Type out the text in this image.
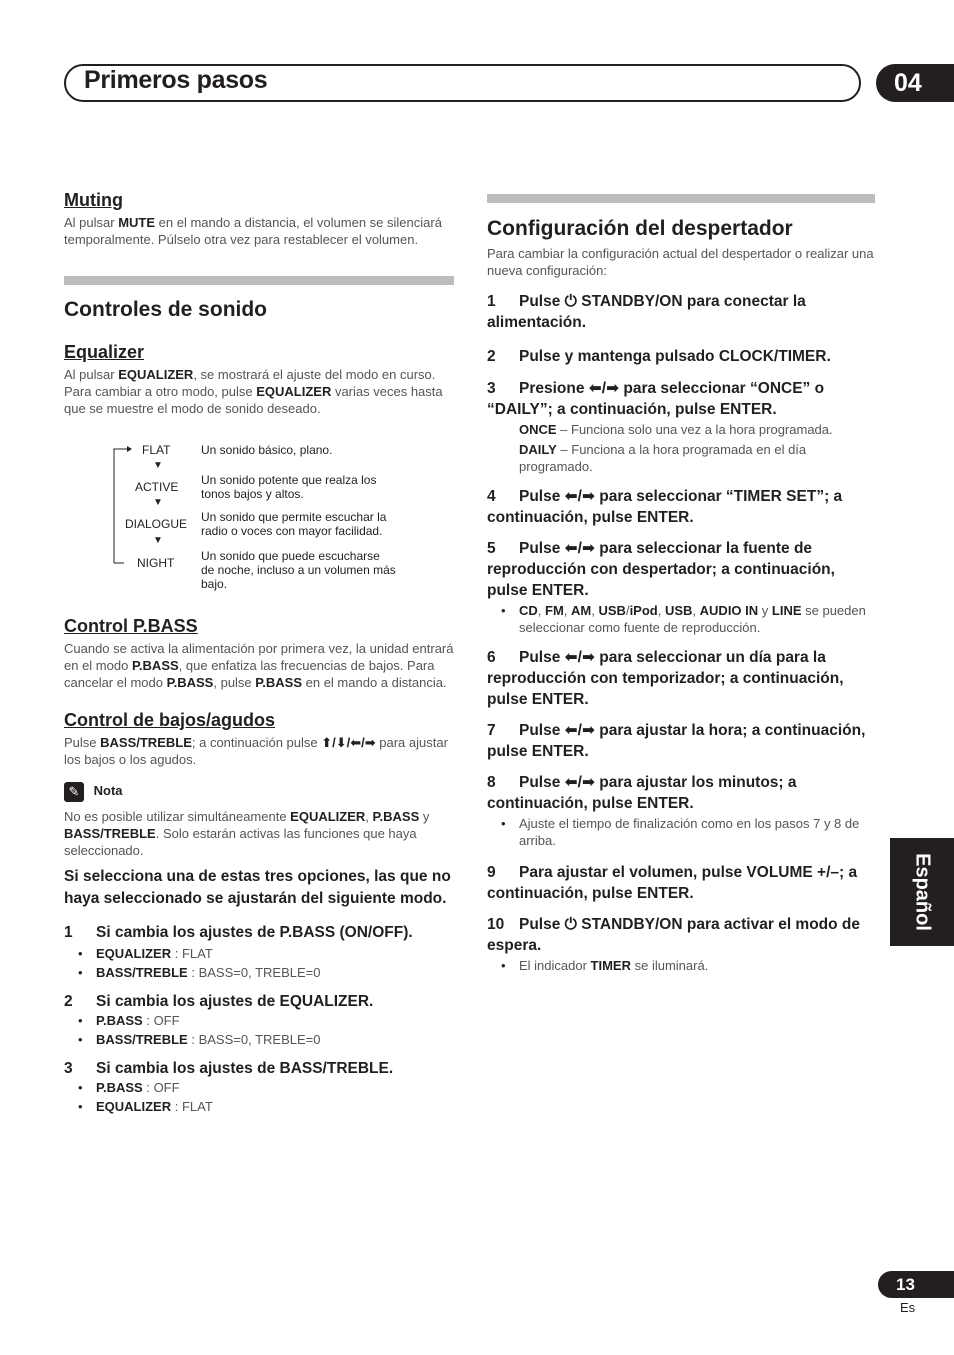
Primeros pasos	04
Español
13
Es

Muting

Al pulsar MUTE en el mando a distancia, el volumen se silenciará temporalmente. Púlselo otra vez para restablecer el volumen.

Controles de sonido

Equalizer

Al pulsar EQUALIZER, se mostrará el ajuste del modo en curso. Para cambiar a otro modo, pulse EQUALIZER varias veces hasta que se muestre el modo de sonido deseado.

FLAT
▼
ACTIVE
▼
DIALOGUE
▼
NIGHT
Un sonido básico, plano.
Un sonido potente que realza los tonos bajos y altos.
Un sonido que permite escuchar la radio o voces con mayor facilidad.
Un sonido que puede escucharse de noche, incluso a un volumen más bajo.

Control P.BASS

Cuando se activa la alimentación por primera vez, la unidad entrará en el modo P.BASS, que enfatiza las frecuencias de bajos. Para cancelar el modo P.BASS, pulse P.BASS en el mando a distancia.

Control de bajos/agudos

Pulse BASS/TREBLE; a continuación pulse ⬆/⬇/⬅/➡ para ajustar los bajos o los agudos.

✎ Nota

No es posible utilizar simultáneamente EQUALIZER, P.BASS y BASS/TREBLE. Solo estarán activas las funciones que haya seleccionado.

Si selecciona una de estas tres opciones, las que no haya seleccionado se ajustarán del siguiente modo.

1 Si cambia los ajustes de P.BASS (ON/OFF).

• EQUALIZER : FLAT

• BASS/TREBLE : BASS=0, TREBLE=0

2 Si cambia los ajustes de EQUALIZER.

• P.BASS : OFF

• BASS/TREBLE : BASS=0, TREBLE=0

3 Si cambia los ajustes de BASS/TREBLE.

• P.BASS : OFF

• EQUALIZER : FLAT

Configuración del despertador

Para cambiar la configuración actual del despertador o realizar una nueva configuración:

1 Pulse ⏻ STANDBY/ON para conectar la alimentación.

2 Pulse y mantenga pulsado CLOCK/TIMER.

3 Presione ⬅/➡ para seleccionar “ONCE” o “DAILY”; a continuación, pulse ENTER.

ONCE – Funciona solo una vez a la hora programada.

DAILY – Funciona a la hora programada en el día programado.

4 Pulse ⬅/➡ para seleccionar “TIMER SET”; a continuación, pulse ENTER.

5 Pulse ⬅/➡ para seleccionar la fuente de reproducción con despertador; a continuación, pulse ENTER.

• CD, FM, AM, USB/iPod, USB, AUDIO IN y LINE se pueden seleccionar como fuente de reproducción.

6 Pulse ⬅/➡ para seleccionar un día para la reproducción con temporizador; a continuación, pulse ENTER.

7 Pulse ⬅/➡ para ajustar la hora; a continuación, pulse ENTER.

8 Pulse ⬅/➡ para ajustar los minutos; a continuación, pulse ENTER.

• Ajuste el tiempo de finalización como en los pasos 7 y 8 de arriba.

9 Para ajustar el volumen, pulse VOLUME +/–; a continuación, pulse ENTER.

10 Pulse ⏻ STANDBY/ON para activar el modo de espera.

• El indicador TIMER se iluminará.
